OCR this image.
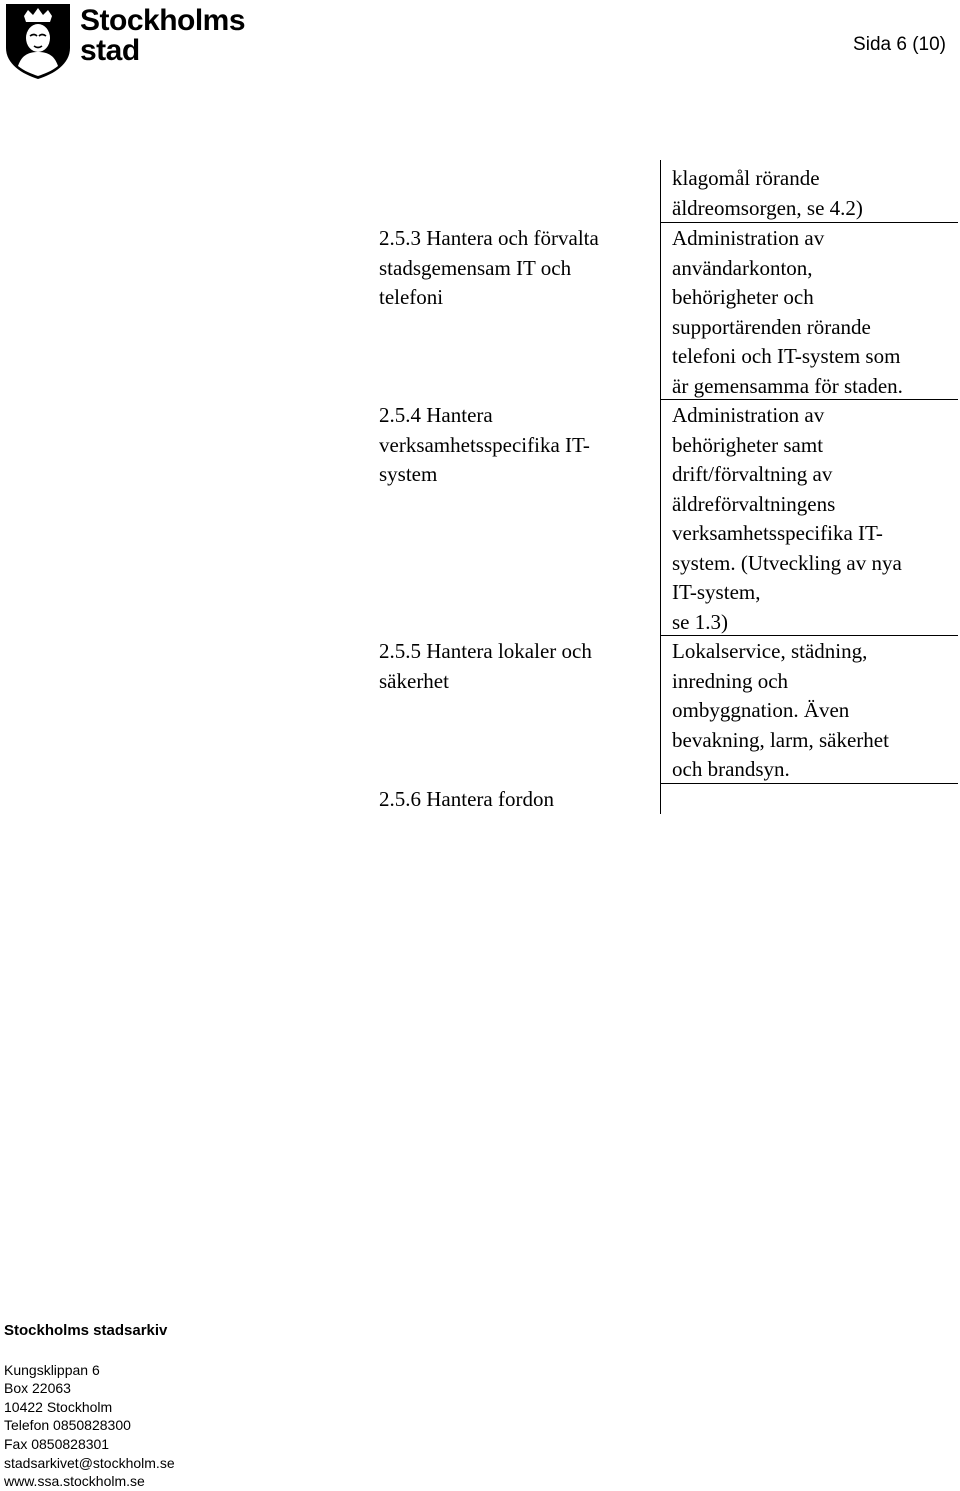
Stockholms
stad	Sida 6 (10)
klagomål rörande
äldreomsorgen, se 4.2)
2.5.3 Hantera och förvalta
stadsgemensam IT och
telefoni
Administration av
användarkonton,
behörigheter och
supportärenden rörande
telefoni och IT-system som
är gemensamma för staden.
2.5.4 Hantera
verksamhetsspecifika IT-
system
Administration av
behörigheter samt
drift/förvaltning av
äldreförvaltningens
verksamhetsspecifika IT-
system. (Utveckling av nya
IT-system,
se 1.3)
2.5.5 Hantera lokaler och
säkerhet
Lokalservice, städning,
inredning och
ombyggnation. Även
bevakning, larm, säkerhet
och brandsyn.
2.5.6 Hantera fordon
Stockholms stadsarkiv
Kungsklippan 6
Box 22063
10422 Stockholm
Telefon 0850828300
Fax 0850828301
stadsarkivet@stockholm.se
www.ssa.stockholm.se
